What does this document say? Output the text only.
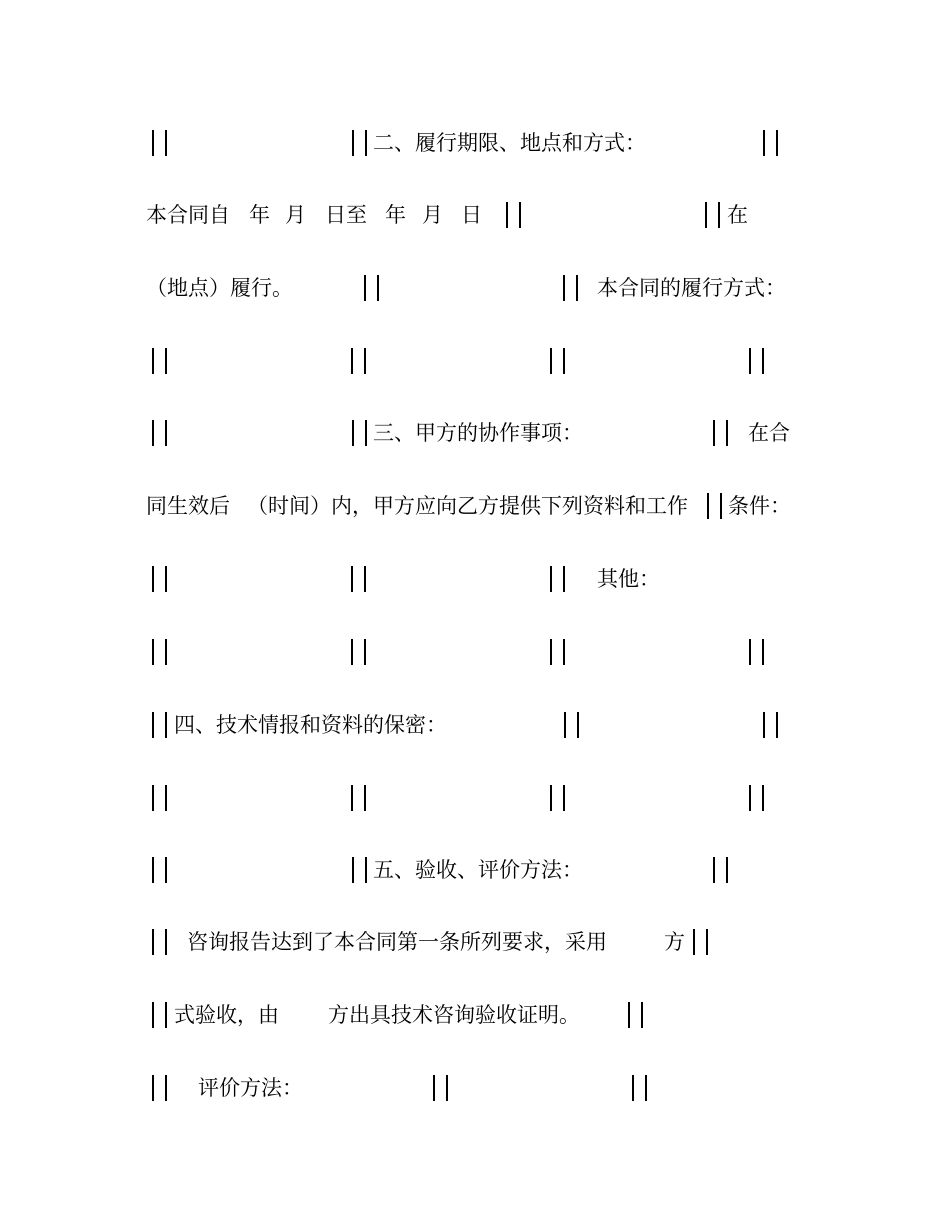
二、履行期限、地点和方式：
本合同自 年 月 日至 年 月 日	在
（地点）履行。	本合同的履行方式：
三、甲方的协作事项：	在合
同生效后 （时间）内，甲方应向乙方提供下列资料和工作 条件：
其他：
四、技术情报和资料的保密：
五、验收、评价方法：
咨询报告达到了本合同第一条所列要求，采用	方
式验收，由 方出具技术咨询验收证明。
评价方法：
